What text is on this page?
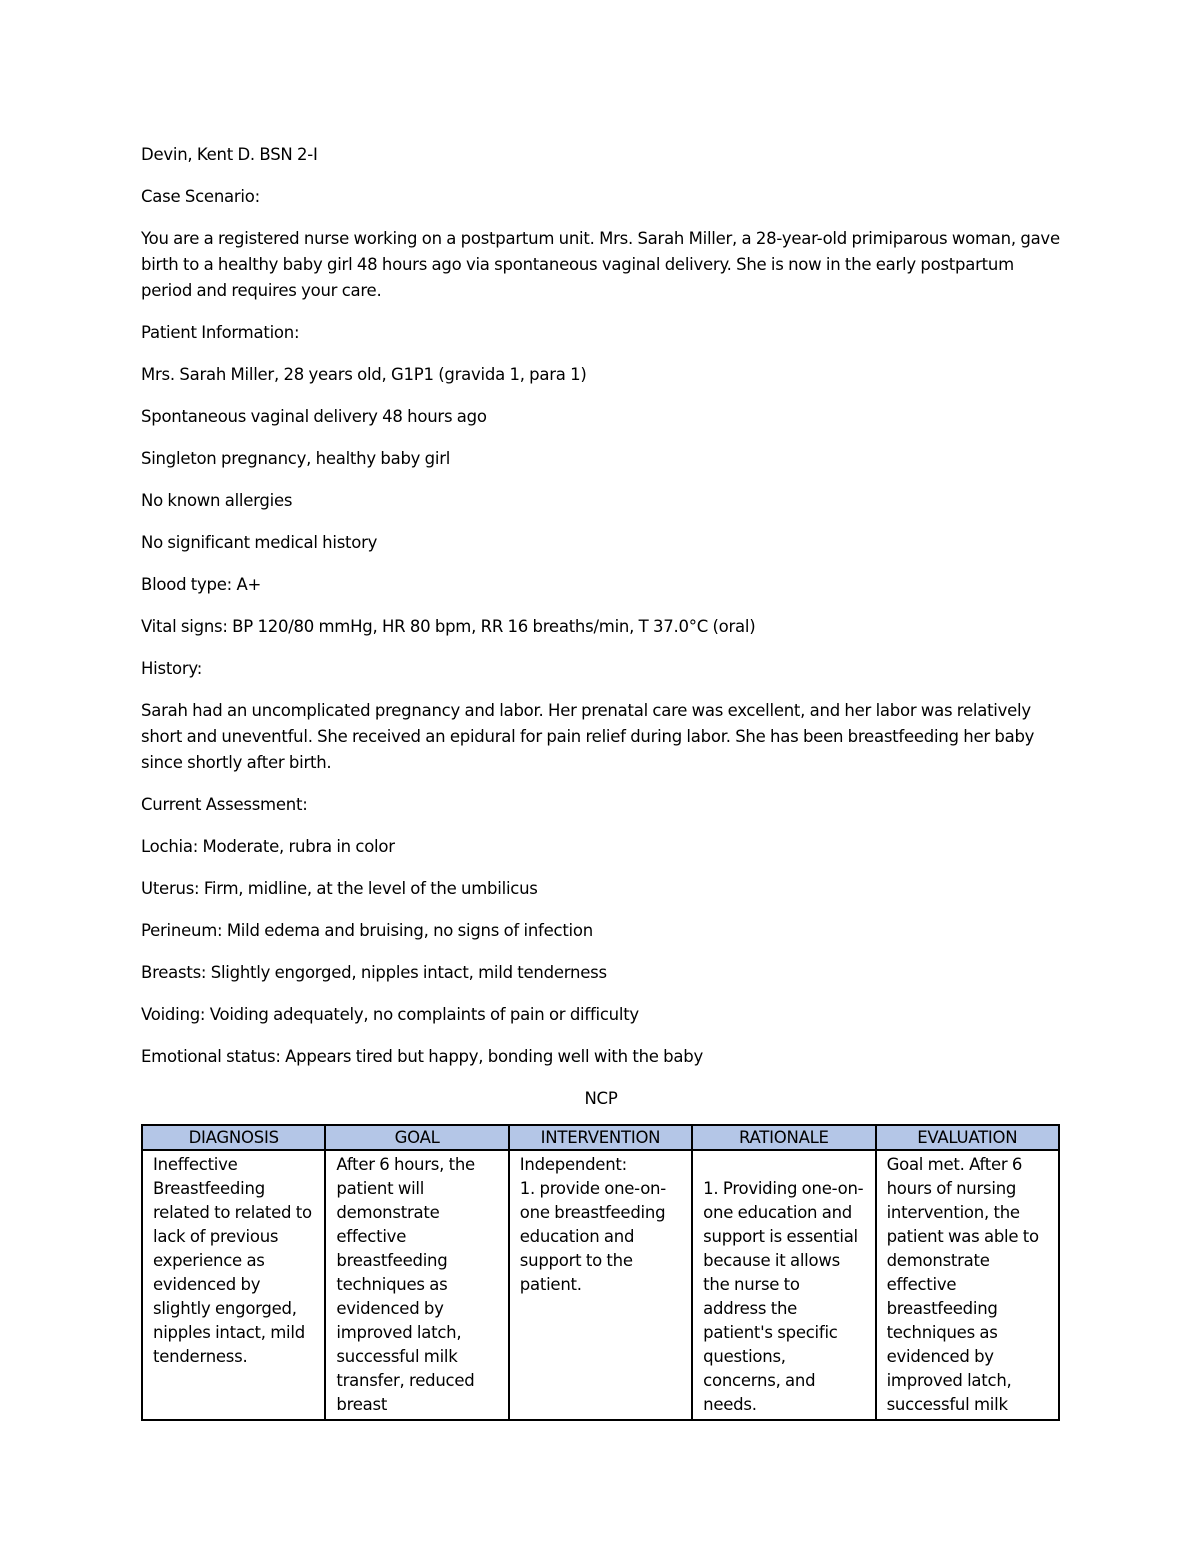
Devin, Kent D. BSN 2-I

Case Scenario:

You are a registered nurse working on a postpartum unit. Mrs. Sarah Miller, a 28-year-old primiparous woman, gave birth to a healthy baby girl 48 hours ago via spontaneous vaginal delivery. She is now in the early postpartum period and requires your care.

Patient Information:

Mrs. Sarah Miller, 28 years old, G1P1 (gravida 1, para 1)

Spontaneous vaginal delivery 48 hours ago

Singleton pregnancy, healthy baby girl

No known allergies

No significant medical history

Blood type: A+

Vital signs: BP 120/80 mmHg, HR 80 bpm, RR 16 breaths/min, T 37.0°C (oral)

History:

Sarah had an uncomplicated pregnancy and labor. Her prenatal care was excellent, and her labor was relatively short and uneventful. She received an epidural for pain relief during labor. She has been breastfeeding her baby since shortly after birth.

Current Assessment:

Lochia: Moderate, rubra in color

Uterus: Firm, midline, at the level of the umbilicus

Perineum: Mild edema and bruising, no signs of infection

Breasts: Slightly engorged, nipples intact, mild tenderness

Voiding: Voiding adequately, no complaints of pain or difficulty

Emotional status: Appears tired but happy, bonding well with the baby

NCP

DIAGNOSIS	GOAL	INTERVENTION	RATIONALE	EVALUATION
Ineffective Breastfeeding related to related to lack of previous experience as evidenced by slightly engorged, nipples intact, mild tenderness.	After 6 hours, the patient will demonstrate effective breastfeeding techniques as evidenced by improved latch, successful milk transfer, reduced breast	Independent:
1. provide one-on-one breastfeeding education and support to the patient.	1. Providing one-on-one education and support is essential because it allows the nurse to address the patient's specific questions, concerns, and needs.	Goal met. After 6 hours of nursing intervention, the patient was able to demonstrate effective breastfeeding techniques as evidenced by improved latch, successful milk
